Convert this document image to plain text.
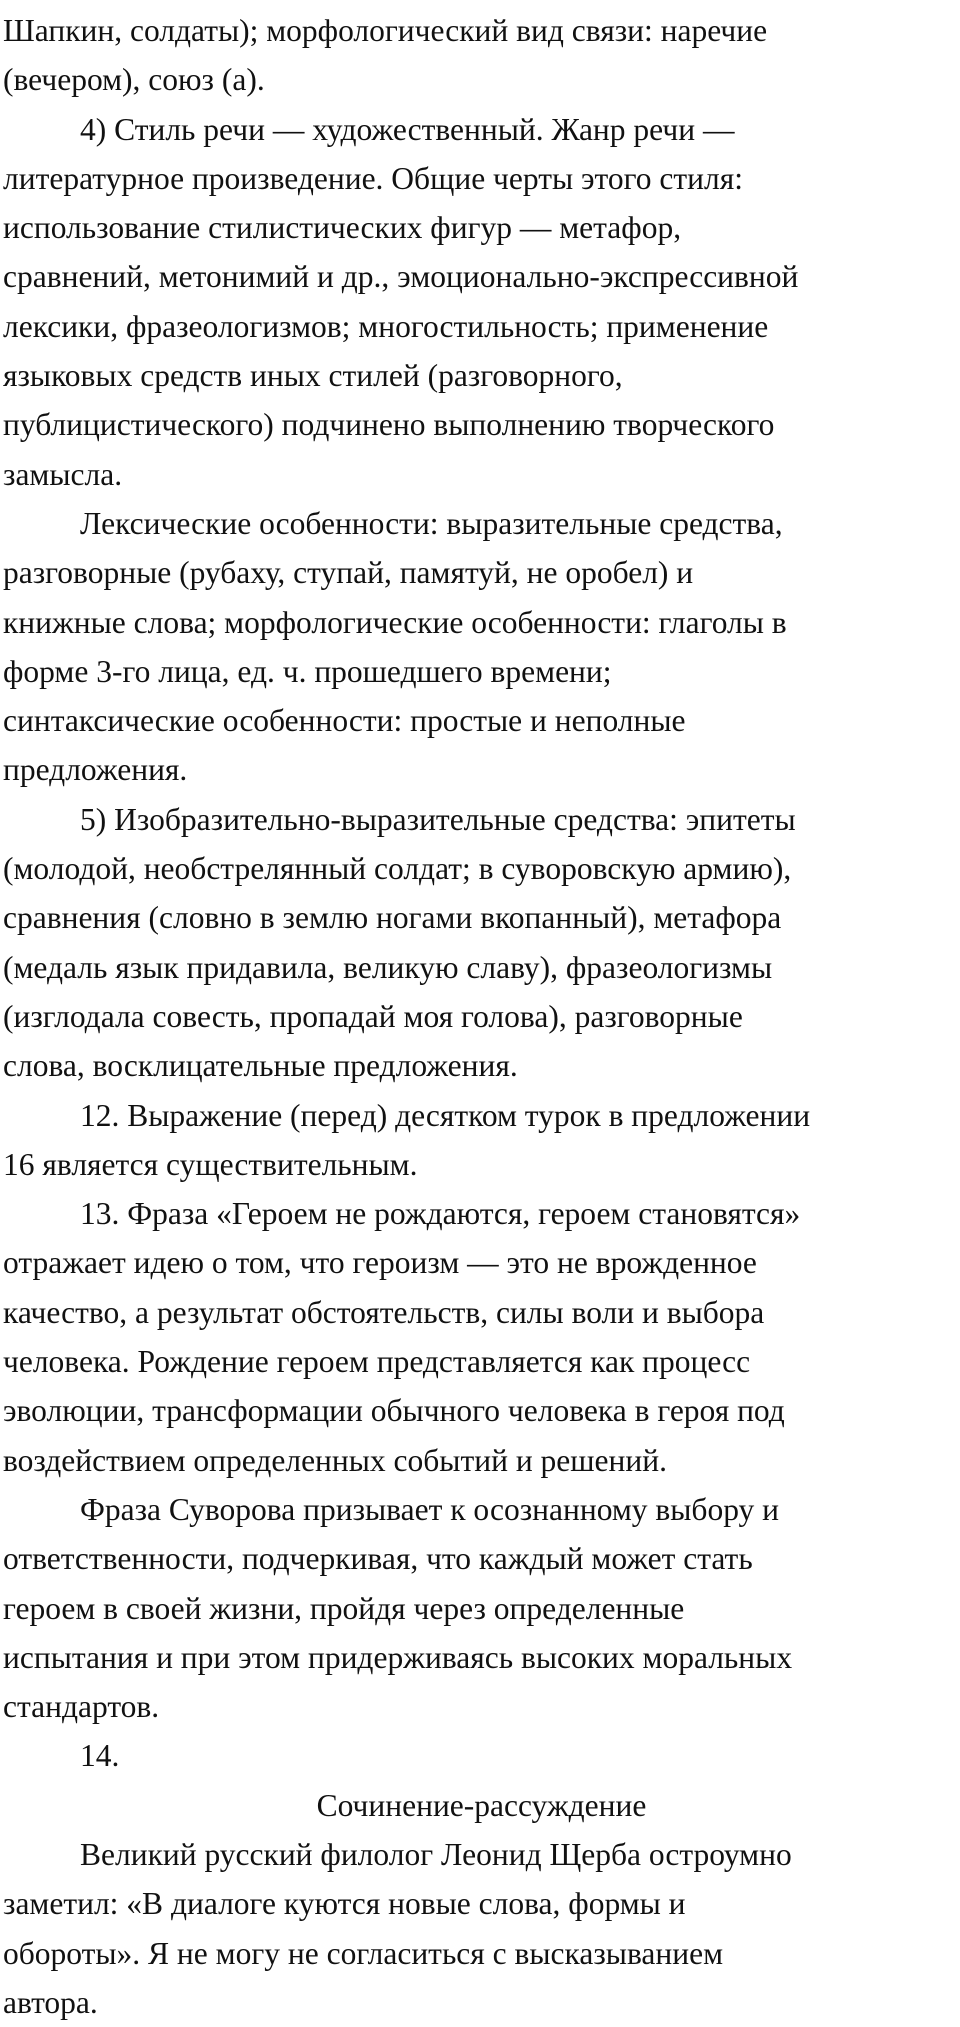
Шапкин, солдаты); морфологический вид связи: наречие
(вечером), союз (а).
4) Стиль речи — художественный. Жанр речи —
литературное произведение. Общие черты этого стиля:
использование стилистических фигур — метафор,
сравнений, метонимий и др., эмоционально-экспрессивной
лексики, фразеологизмов; многостильность; применение
языковых средств иных стилей (разговорного,
публицистического) подчинено выполнению творческого
замысла.
Лексические особенности: выразительные средства,
разговорные (рубаху, ступай, памятуй, не оробел) и
книжные слова; морфологические особенности: глаголы в
форме 3-го лица, ед. ч. прошедшего времени;
синтаксические особенности: простые и неполные
предложения.
5) Изобразительно-выразительные средства: эпитеты
(молодой, необстрелянный солдат; в суворовскую армию),
сравнения (словно в землю ногами вкопанный), метафора
(медаль язык придавила, великую славу), фразеологизмы
(изглодала совесть, пропадай моя голова), разговорные
слова, восклицательные предложения.
12. Выражение (перед) десятком турок в предложении
16 является существительным.
13. Фраза «Героем не рождаются, героем становятся»
отражает идею о том, что героизм — это не врожденное
качество, а результат обстоятельств, силы воли и выбора
человека. Рождение героем представляется как процесс
эволюции, трансформации обычного человека в героя под
воздействием определенных событий и решений.
Фраза Суворова призывает к осознанному выбору и
ответственности, подчеркивая, что каждый может стать
героем в своей жизни, пройдя через определенные
испытания и при этом придерживаясь высоких моральных
стандартов.
14.
Сочинение-рассуждение
Великий русский филолог Леонид Щерба остроумно
заметил: «В диалоге куются новые слова, формы и
обороты». Я не могу не согласиться с высказыванием
автора.
